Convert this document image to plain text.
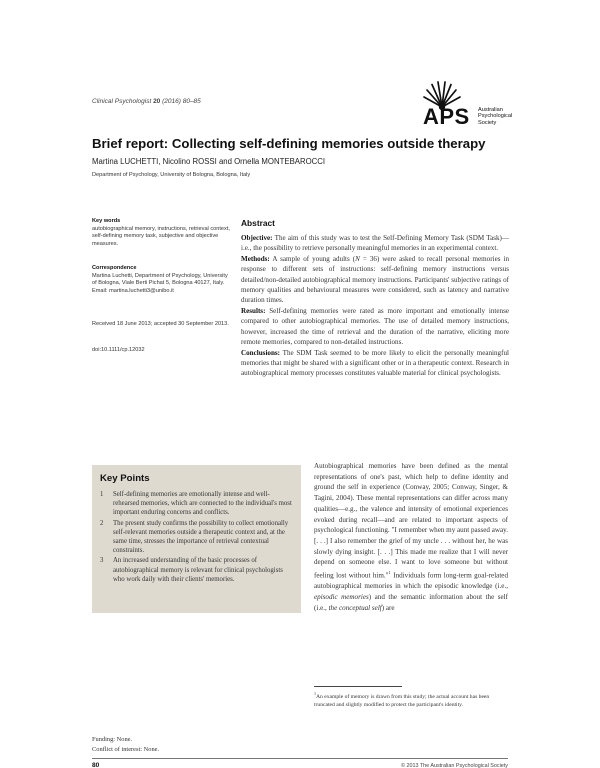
Clinical Psychologist 20 (2016) 80–85
APS Australian
Psychological
Society
Brief report: Collecting self-defining memories outside therapy
Martina LUCHETTI, Nicolino ROSSI and Ornella MONTEBAROCCI
Department of Psychology, University of Bologna, Bologna, Italy
Key words
autobiographical memory, instructions, retrieval context, self-defining memory task, subjective and objective measures.
Correspondence
Martina Luchetti, Department of Psychology, University of Bologna, Viale Berti Pichat 5, Bologna 40127, Italy.
Email: martina.luchetti3@unibo.it
Received 18 June 2013; accepted 30 September 2013.
doi:10.1111/cp.12032
Abstract

Objective: The aim of this study was to test the Self-Defining Memory Task (SDM Task)—i.e., the possibility to retrieve personally meaningful memories in an experimental context.

Methods: A sample of young adults (N = 36) were asked to recall personal memories in response to different sets of instructions: self-defining memory instructions versus detailed/non-detailed autobiographical memory instructions. Participants' subjective ratings of memory qualities and behavioural measures were considered, such as latency and narrative duration times.

Results: Self-defining memories were rated as more important and emotionally intense compared to other autobiographical memories. The use of detailed memory instructions, however, increased the time of retrieval and the duration of the narrative, eliciting more remote memories, compared to non-detailed instructions.

Conclusions: The SDM Task seemed to be more likely to elicit the personally meaningful memories that might be shared with a significant other or in a therapeutic context. Research in autobiographical memory processes constitutes valuable material for clinical psychologists.

Key Points
1 Self-defining memories are emotionally intense and well-rehearsed memories, which are connected to the individual's most important enduring concerns and conflicts.
2 The present study confirms the possibility to collect emotionally self-relevant memories outside a therapeutic context and, at the same time, stresses the importance of retrieval contextual constraints.
3 An increased understanding of the basic processes of autobiographical memory is relevant for clinical psychologists who work daily with their clients' memories.
Autobiographical memories have been defined as the mental representations of one's past, which help to define identity and ground the self in experience (Conway, 2005; Conway, Singer, & Tagini, 2004). These mental representations can differ across many qualities—e.g., the valence and intensity of emotional experiences evoked during recall—and are related to important aspects of psychological functioning. "I remember when my aunt passed away. [. . .] I also remember the grief of my uncle . . . without her, he was slowly dying insight. [. . .] This made me realize that I will never depend on someone else. I want to love someone but without feeling lost without him."$^1$ Individuals form long-term goal-related autobiographical memories in which the episodic knowledge (i.e., episodic memories) and the semantic information about the self (i.e., the conceptual self) are
$^1$An example of memory is drawn from this study; the actual account has been truncated and slightly modified to protect the participant's identity.
Funding: None.
Conflict of interest: None.
80	© 2013 The Australian Psychological Society
